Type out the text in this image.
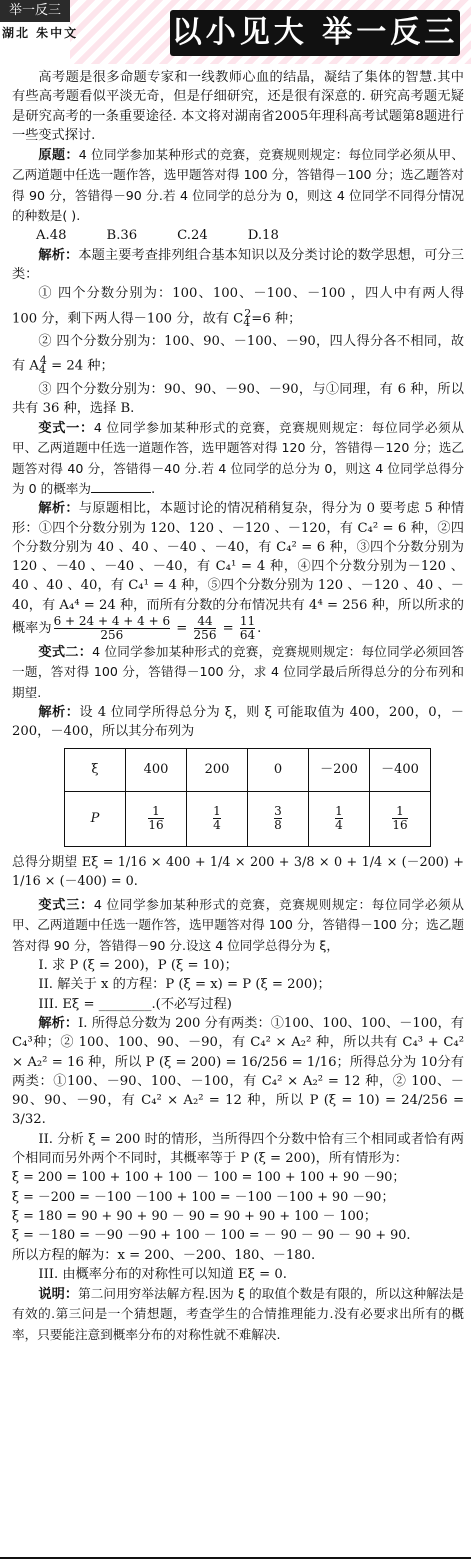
举一反三
湖北 朱中文	以小见大 举一反三

高考题是很多命题专家和一线教师心血的结晶，凝结了集体的智慧.其中有些高考题看似平淡无奇，但是仔细研究，还是很有深意的. 研究高考题无疑是研究高考的一条重要途径. 本文将对湖南省2005年理科高考试题第8题进行一些变式探讨.

原题：4 位同学参加某种形式的竞赛，竞赛规则规定：每位同学必须从甲、乙两道题中任选一题作答，选甲题答对得 100 分，答错得－100 分；选乙题答对得 90 分，答错得－90 分.若 4 位同学的总分为 0，则这 4 位同学不同得分情况的种数是( ).

A.48	B.36	C.24	D.18

解析：本题主要考查排列组合基本知识以及分类讨论的数学思想，可分三类：

① 四个分数分别为：100、100、－100、－100 ，四人中有两人得 100 分，剩下两人得－100 分，故有 $C_4^2=6$ 种；

② 四个分数分别为：100、90、－100、－90，四人得分各不相同，故有 $A_4^4 = 24$ 种；

③ 四个分数分别为：90、90、－90、－90，与①同理，有 6 种，所以共有 36 种，选择 B.

变式一：4 位同学参加某种形式的竞赛，竞赛规则规定：每位同学必须从甲、乙两道题中任选一道题作答，选甲题答对得 120 分，答错得－120 分；选乙题答对得 40 分，答错得－40 分.若 4 位同学的总分为 0，则这 4 位同学总得分为 0 的概率为	.

解析：与原题相比，本题讨论的情况稍稍复杂，得分为 0 要考虑 5 种情形：①四个分数分别为 120、120 、－120 、－120，有 C₄² = 6 种，②四个分数分别为 40 、40 、－40 、－40，有 C₄² = 6 种，③四个分数分别为 120 、－40 、－40 、－40，有 C₄¹ = 4 种，④四个分数分别为－120 、40 、40 、40，有 C₄¹ = 4 种，⑤四个分数分别为 120 、－120 、40 、－40，有 A₄⁴ = 24 种，而所有分数的分布情况共有 4⁴ = 256 种，所以所求的概率为 $\frac{6 + 24 + 4 + 4 + 6}{256} = \frac{44}{256} = \frac{11}{64}$ .

变式二：4 位同学参加某种形式的竞赛，竞赛规则规定：每位同学必须回答一题，答对得 100 分，答错得－100 分，求 4 位同学最后所得总分的分布列和期望.

解析：设 4 位同学所得总分为 ξ，则 ξ 可能取值为 400，200，0，－200，－400，所以其分布列为

ξ	400	200	0	－200	－400
P	$\frac{1}{16}$	$\frac{1}{4}$	$\frac{3}{8}$	$\frac{1}{4}$	$\frac{1}{16}$

总得分期望 Eξ = 1/16 × 400 + 1/4 × 200 + 3/8 × 0 + 1/4 × (－200) + 1/16 × (－400) = 0.

变式三：4 位同学参加某种形式的竞赛，竞赛规则规定：每位同学必须从甲、乙两道题中任选一题作答，选甲题答对得 100 分，答错得－100 分；选乙题答对得 90 分，答错得－90 分.设这 4 位同学总得分为 ξ，

I. 求 P (ξ = 200)，P (ξ = 10)；

II. 解关于 x 的方程：P (ξ = x) = P (ξ = 200)；

III. Eξ = ________.(不必写过程)

解析：I. 所得总分数为 200 分有两类：①100、100、100、－100，有 C₄³种；② 100、100、90、－90，有 C₄² × A₂² 种，所以共有 C₄³ + C₄² × A₂² = 16 种，所以 P (ξ = 200) = 16/256 = 1/16；所得总分为 10分有两类：①100、－90、100、－100，有 C₄² × A₂² = 12 种，② 100、－90、90、－90，有 C₄² × A₂² = 12 种，所以 P (ξ = 10) = 24/256 = 3/32.

II. 分析 ξ = 200 时的情形，当所得四个分数中恰有三个相同或者恰有两个相同而另外两个不同时，其概率等于 P (ξ = 200)，所有情形为：

ξ = 200 = 100 + 100 + 100 － 100 = 100 + 100 + 90 －90；

ξ = －200 = －100 －100 + 100 = －100 －100 + 90 －90；

ξ = 180 = 90 + 90 + 90 － 90 = 90 + 90 + 100 － 100；

ξ = －180 = －90 －90 + 100 － 100 = － 90 － 90 － 90 + 90.

所以方程的解为：x = 200、－200、180、－180.

III. 由概率分布的对称性可以知道 Eξ = 0.

说明：第二问用穷举法解方程.因为 ξ 的取值个数是有限的，所以这种解法是有效的.第三问是一个猜想题，考查学生的合情推理能力.没有必要求出所有的概率，只要能注意到概率分布的对称性就不难解决.
